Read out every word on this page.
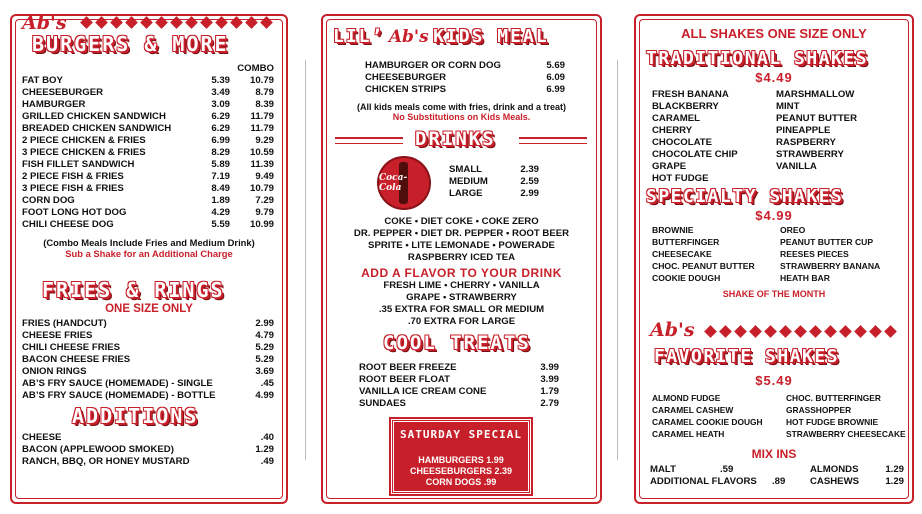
Ab's
BURGERS & MORE
COMBO
FAT BOY	5.39	10.79
CHEESEBURGER	3.49	8.79
HAMBURGER	3.09	8.39
GRILLED CHICKEN SANDWICH	6.29	11.79
BREADED CHICKEN SANDWICH	6.29	11.79
2 PIECE CHICKEN & FRIES	6.99	9.29
3 PIECE CHICKEN & FRIES	8.29	10.59
FISH FILLET SANDWICH	5.89	11.39
2 PIECE FISH & FRIES	7.19	9.49
3 PIECE FISH & FRIES	8.49	10.79
CORN DOG	1.89	7.29
FOOT LONG HOT DOG	4.29	9.79
CHILI CHEESE DOG	5.59	10.99
(Combo Meals Include Fries and Medium Drink)
Sub a Shake for an Additional Charge
FRIES & RINGS
ONE SIZE ONLY
FRIES (HANDCUT)	2.99
CHEESE FRIES	4.79
CHILI CHEESE FRIES	5.29
BACON CHEESE FRIES	5.29
ONION RINGS	3.69
AB’S FRY SAUCE (HOMEMADE) - SINGLE	.45
AB’S FRY SAUCE (HOMEMADE) - BOTTLE	4.99
ADDITIONS
CHEESE	.40
BACON (APPLEWOOD SMOKED)	1.29
RANCH, BBQ, OR HONEY MUSTARD	.49
LIL’ Ab's KIDS MEAL
HAMBURGER OR CORN DOG	5.69
CHEESEBURGER	6.09
CHICKEN STRIPS	6.99
(All kids meals come with fries, drink and a treat)
No Substitutions on Kids Meals.
DRINKS
Coca-Cola
SMALL	2.39
MEDIUM	2.59
LARGE	2.99
COKE • DIET COKE • COKE ZERO
DR. PEPPER • DIET DR. PEPPER • ROOT BEER
SPRITE • LITE LEMONADE • POWERADE
RASPBERRY ICED TEA
ADD A FLAVOR TO YOUR DRINK
FRESH LIME • CHERRY • VANILLA
GRAPE • STRAWBERRY
.35 EXTRA FOR SMALL OR MEDIUM
.70 EXTRA FOR LARGE
COOL TREATS
ROOT BEER FREEZE	3.99
ROOT BEER FLOAT	3.99
VANILLA ICE CREAM CONE	1.79
SUNDAES	2.79
SATURDAY SPECIAL
HAMBURGERS 1.99
CHEESEBURGERS 2.39
CORN DOGS .99
ALL SHAKES ONE SIZE ONLY
TRADITIONAL SHAKES
$4.49
FRESH BANANA
BLACKBERRY
CARAMEL
CHERRY
CHOCOLATE
CHOCOLATE CHIP
GRAPE
HOT FUDGE
MARSHMALLOW
MINT
PEANUT BUTTER
PINEAPPLE
RASPBERRY
STRAWBERRY
VANILLA
SPECIALTY SHAKES
$4.99
BROWNIE
BUTTERFINGER
CHEESECAKE
CHOC. PEANUT BUTTER
COOKIE DOUGH
OREO
PEANUT BUTTER CUP
REESES PIECES
STRAWBERRY BANANA
HEATH BAR
SHAKE OF THE MONTH
Ab's
FAVORITE SHAKES
$5.49
ALMOND FUDGE
CARAMEL CASHEW
CARAMEL COOKIE DOUGH
CARAMEL HEATH
CHOC. BUTTERFINGER
GRASSHOPPER
HOT FUDGE BROWNIE
STRAWBERRY CHEESECAKE
MIX INS
MALT	.59	ALMONDS	1.29
ADDITIONAL FLAVORS	.89	CASHEWS	1.29
